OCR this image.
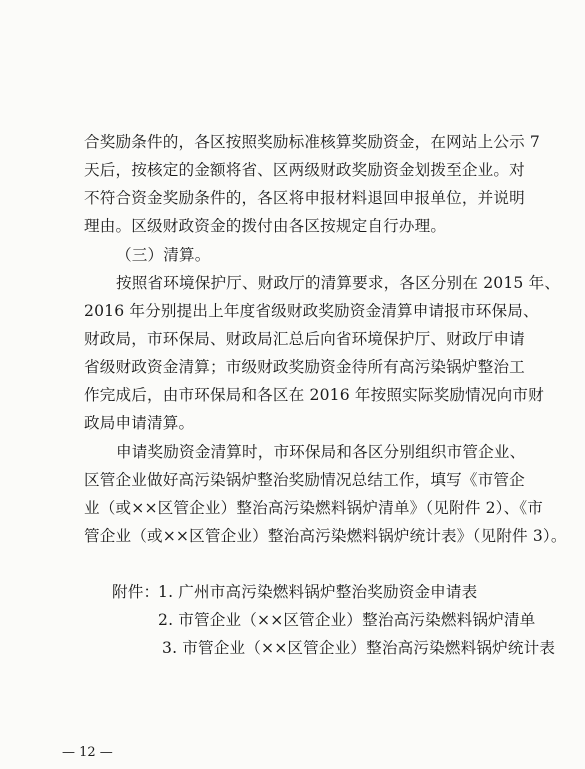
合奖励条件的，各区按照奖励标准核算奖励资金，在网站上公示 7
天后，按核定的金额将省、区两级财政奖励资金划拨至企业。对
不符合资金奖励条件的，各区将申报材料退回申报单位，并说明
理由。区级财政资金的拨付由各区按规定自行办理。
（三）清算。
按照省环境保护厅、财政厅的清算要求，各区分别在 2015 年、
2016 年分别提出上年度省级财政奖励资金清算申请报市环保局、
财政局，市环保局、财政局汇总后向省环境保护厅、财政厅申请
省级财政资金清算；市级财政奖励资金待所有高污染锅炉整治工
作完成后，由市环保局和各区在 2016 年按照实际奖励情况向市财
政局申请清算。
申请奖励资金清算时，市环保局和各区分别组织市管企业、
区管企业做好高污染锅炉整治奖励情况总结工作，填写《市管企
业（或××区管企业）整治高污染燃料锅炉清单》（见附件 2）、《市
管企业（或××区管企业）整治高污染燃料锅炉统计表》（见附件 3）。
附件：
1. 广州市高污染燃料锅炉整治奖励资金申请表
2. 市管企业（××区管企业）整治高污染燃料锅炉清单
3. 市管企业（××区管企业）整治高污染燃料锅炉统计表
— 12 —
